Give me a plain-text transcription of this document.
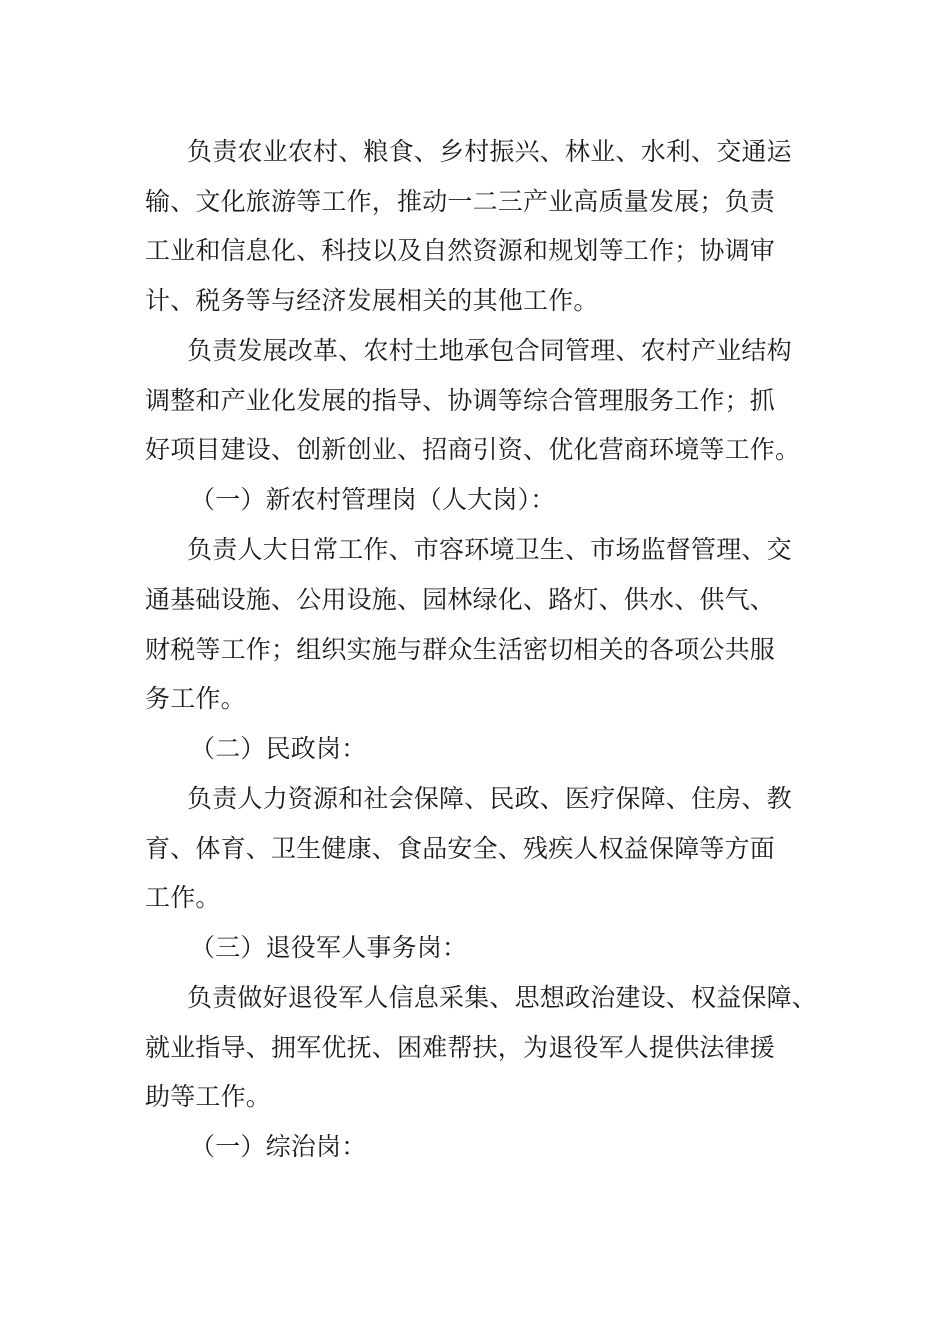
负责农业农村、粮食、乡村振兴、林业、水利、交通运
输、文化旅游等工作，推动一二三产业高质量发展；负责
工业和信息化、科技以及自然资源和规划等工作；协调审
计、税务等与经济发展相关的其他工作。
负责发展改革、农村土地承包合同管理、农村产业结构
调整和产业化发展的指导、协调等综合管理服务工作；抓
好项目建设、创新创业、招商引资、优化营商环境等工作。
（一）新农村管理岗（人大岗）：
负责人大日常工作、市容环境卫生、市场监督管理、交
通基础设施、公用设施、园林绿化、路灯、供水、供气、
财税等工作；组织实施与群众生活密切相关的各项公共服
务工作。
（二）民政岗：
负责人力资源和社会保障、民政、医疗保障、住房、教
育、体育、卫生健康、食品安全、残疾人权益保障等方面
工作。
（三）退役军人事务岗：
负责做好退役军人信息采集、思想政治建设、权益保障、
就业指导、拥军优抚、困难帮扶，为退役军人提供法律援
助等工作。
（一）综治岗：
